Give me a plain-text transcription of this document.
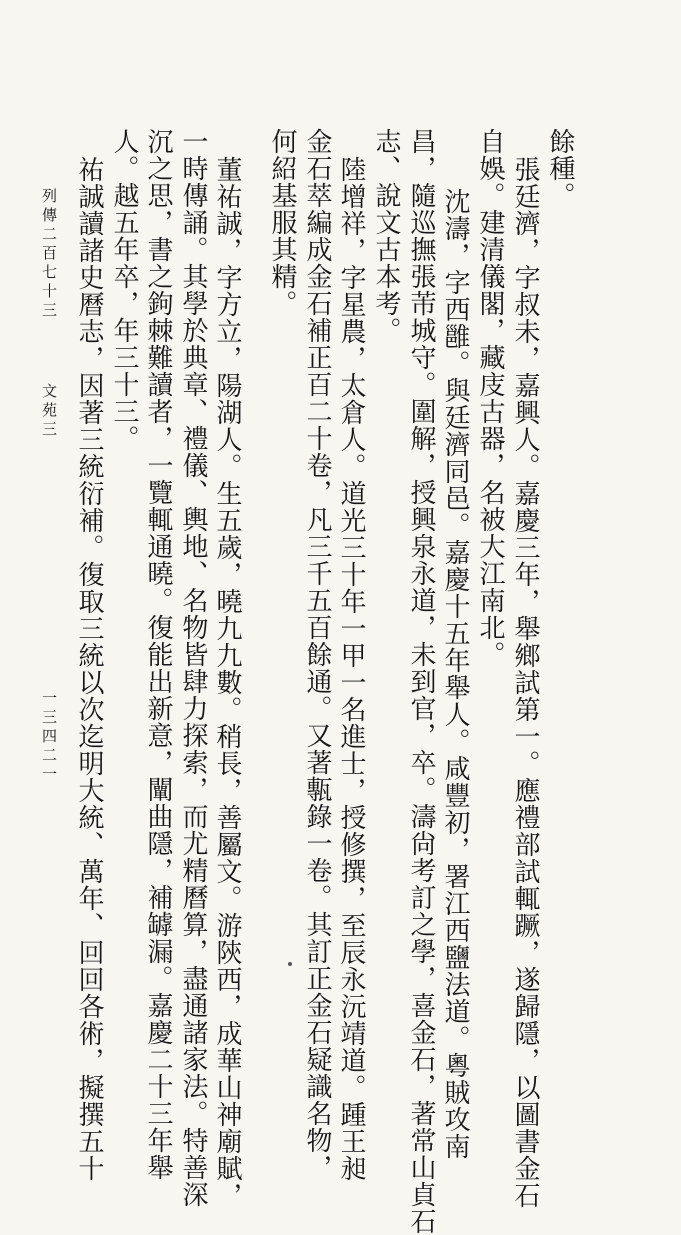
餘種。
張廷濟，字叔未，嘉興人。嘉慶三年，舉鄉試第一。應禮部試輒蹶，遂歸隱，以圖書金石
自娛。建清儀閣，藏庋古器，名被大江南北。
沈濤，字西雝。與廷濟同邑。嘉慶十五年舉人。咸豐初，署江西鹽法道。粵賊攻南
昌，隨巡撫張芾城守。圍解，授興泉永道，未到官，卒。濤尙考訂之學，喜金石，著常山貞石
志、說文古本考。
陸增祥，字星農，太倉人。道光三十年一甲一名進士，授修撰，至辰永沅靖道。踵王昶
金石萃編成金石補正百二十卷，凡三千五百餘通。又著甎錄一卷。其訂正金石疑識名物，
何紹基服其精。
董祐誠，字方立，陽湖人。生五歲，曉九九數。稍長，善屬文。游陝西，成華山神廟賦，
一時傳誦。其學於典章、禮儀、輿地、名物皆肆力探索，而尤精曆算，盡通諸家法。特善深
沉之思，書之鉤棘難讀者，一覽輒通曉。復能出新意，闡曲隱，補罅漏。嘉慶二十三年舉
人。越五年卒，年三十三。
祐誠讀諸史曆志，因著三統衍補。復取三統以次迄明大統、萬年、回回各術，擬撰五十
列傳二百七十三
文苑三
一三四二一
